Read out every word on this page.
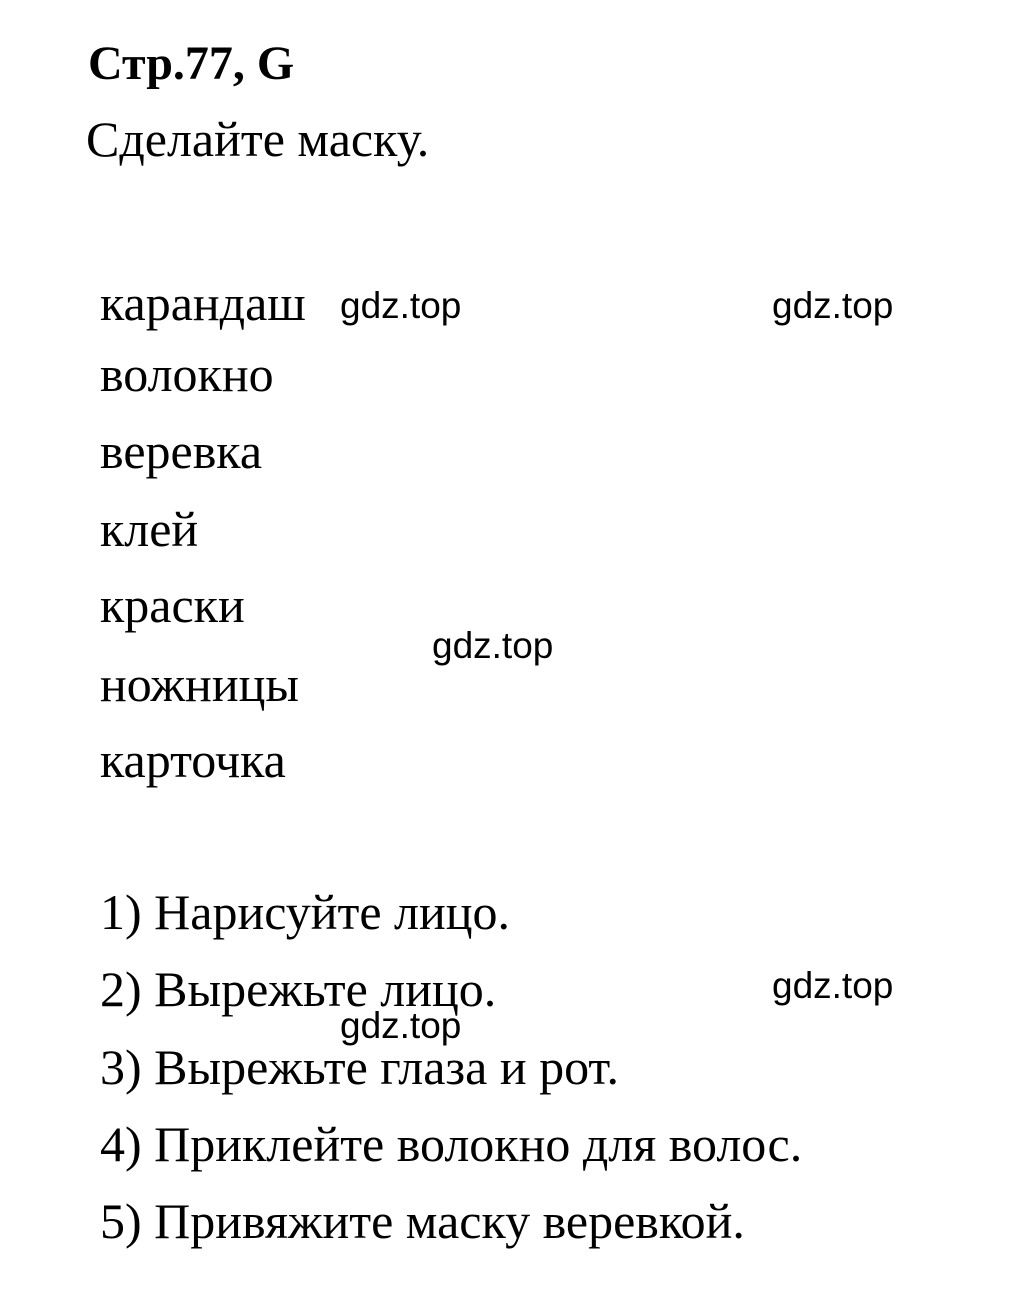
Стр.77, G
Сделайте маску.
карандаш
волокно
веревка
клей
краски
ножницы
карточка
1) Нарисуйте лицо.
2) Вырежьте лицо.
3) Вырежьте глаза и рот.
4) Приклейте волокно для волос.
5) Привяжите маску веревкой.
gdz.top	gdz.top
gdz.top
gdz.top
gdz.top
